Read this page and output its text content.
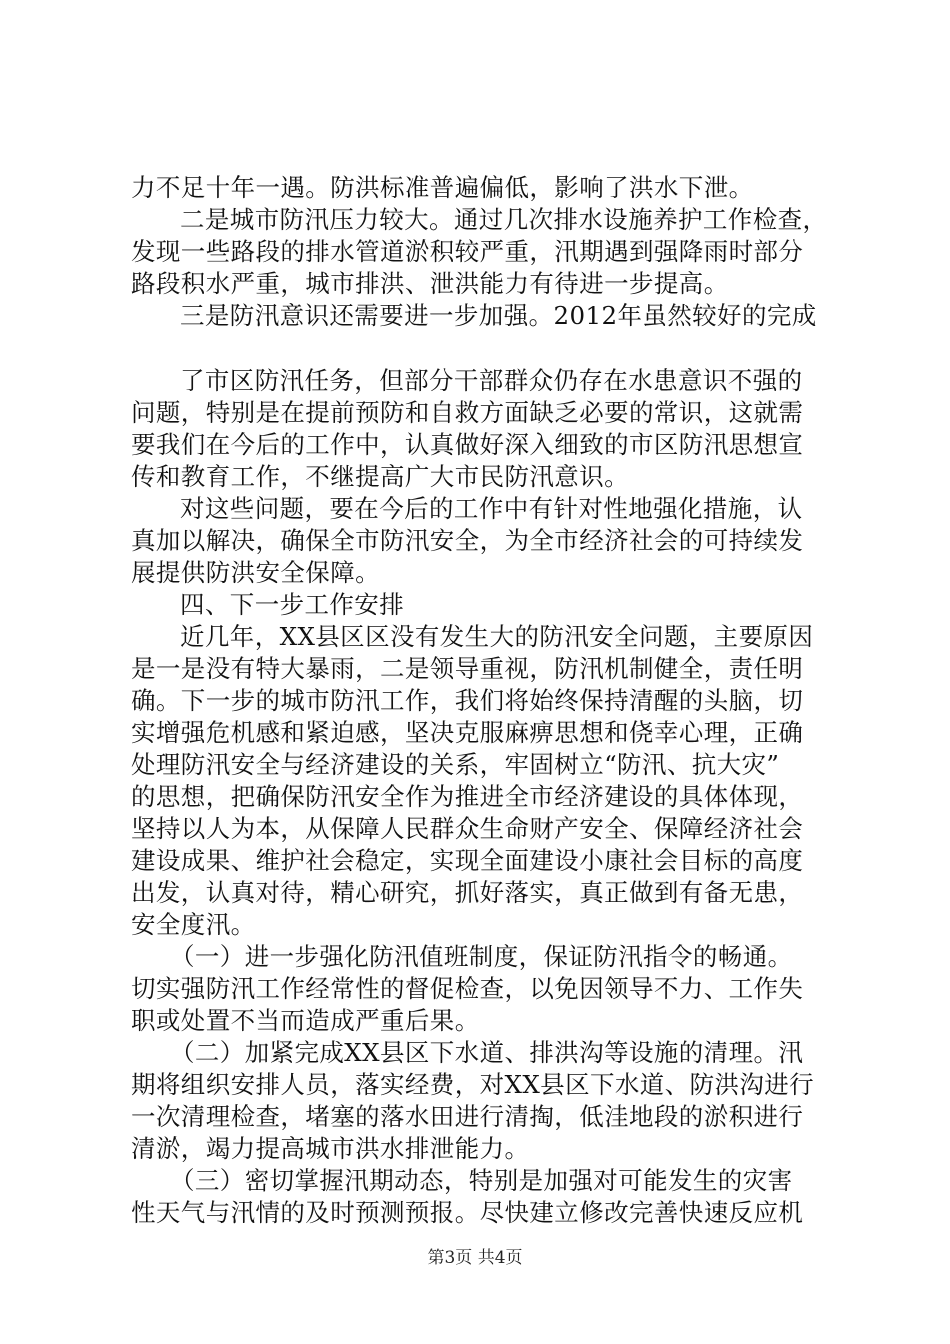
力不足十年一遇。防洪标准普遍偏低，影响了洪水下泄。
二是城市防汛压力较大。通过几次排水设施养护工作检查，
发现一些路段的排水管道淤积较严重，汛期遇到强降雨时部分
路段积水严重，城市排洪、泄洪能力有待进一步提高。
三是防汛意识还需要进一步加强。2012年虽然较好的完成
了市区防汛任务，但部分干部群众仍存在水患意识不强的
问题，特别是在提前预防和自救方面缺乏必要的常识，这就需
要我们在今后的工作中，认真做好深入细致的市区防汛思想宣
传和教育工作，不继提高广大市民防汛意识。
对这些问题，要在今后的工作中有针对性地强化措施，认
真加以解决，确保全市防汛安全，为全市经济社会的可持续发
展提供防洪安全保障。
四、下一步工作安排
近几年，XX县区区没有发生大的防汛安全问题，主要原因
是一是没有特大暴雨，二是领导重视，防汛机制健全，责任明
确。下一步的城市防汛工作，我们将始终保持清醒的头脑，切
实增强危机感和紧迫感，坚决克服麻痹思想和侥幸心理，正确
处理防汛安全与经济建设的关系，牢固树立“防汛、抗大灾”
的思想，把确保防汛安全作为推进全市经济建设的具体体现，
坚持以人为本，从保障人民群众生命财产安全、保障经济社会
建设成果、维护社会稳定，实现全面建设小康社会目标的高度
出发，认真对待，精心研究，抓好落实，真正做到有备无患，
安全度汛。
（一）进一步强化防汛值班制度，保证防汛指令的畅通。
切实强防汛工作经常性的督促检查，以免因领导不力、工作失
职或处置不当而造成严重后果。
（二）加紧完成XX县区下水道、排洪沟等设施的清理。汛
期将组织安排人员，落实经费，对XX县区下水道、防洪沟进行
一次清理检查，堵塞的落水田进行清掏，低洼地段的淤积进行
清淤，竭力提高城市洪水排泄能力。
（三）密切掌握汛期动态，特别是加强对可能发生的灾害
性天气与汛情的及时预测预报。尽快建立修改完善快速反应机
第3页 共4页
